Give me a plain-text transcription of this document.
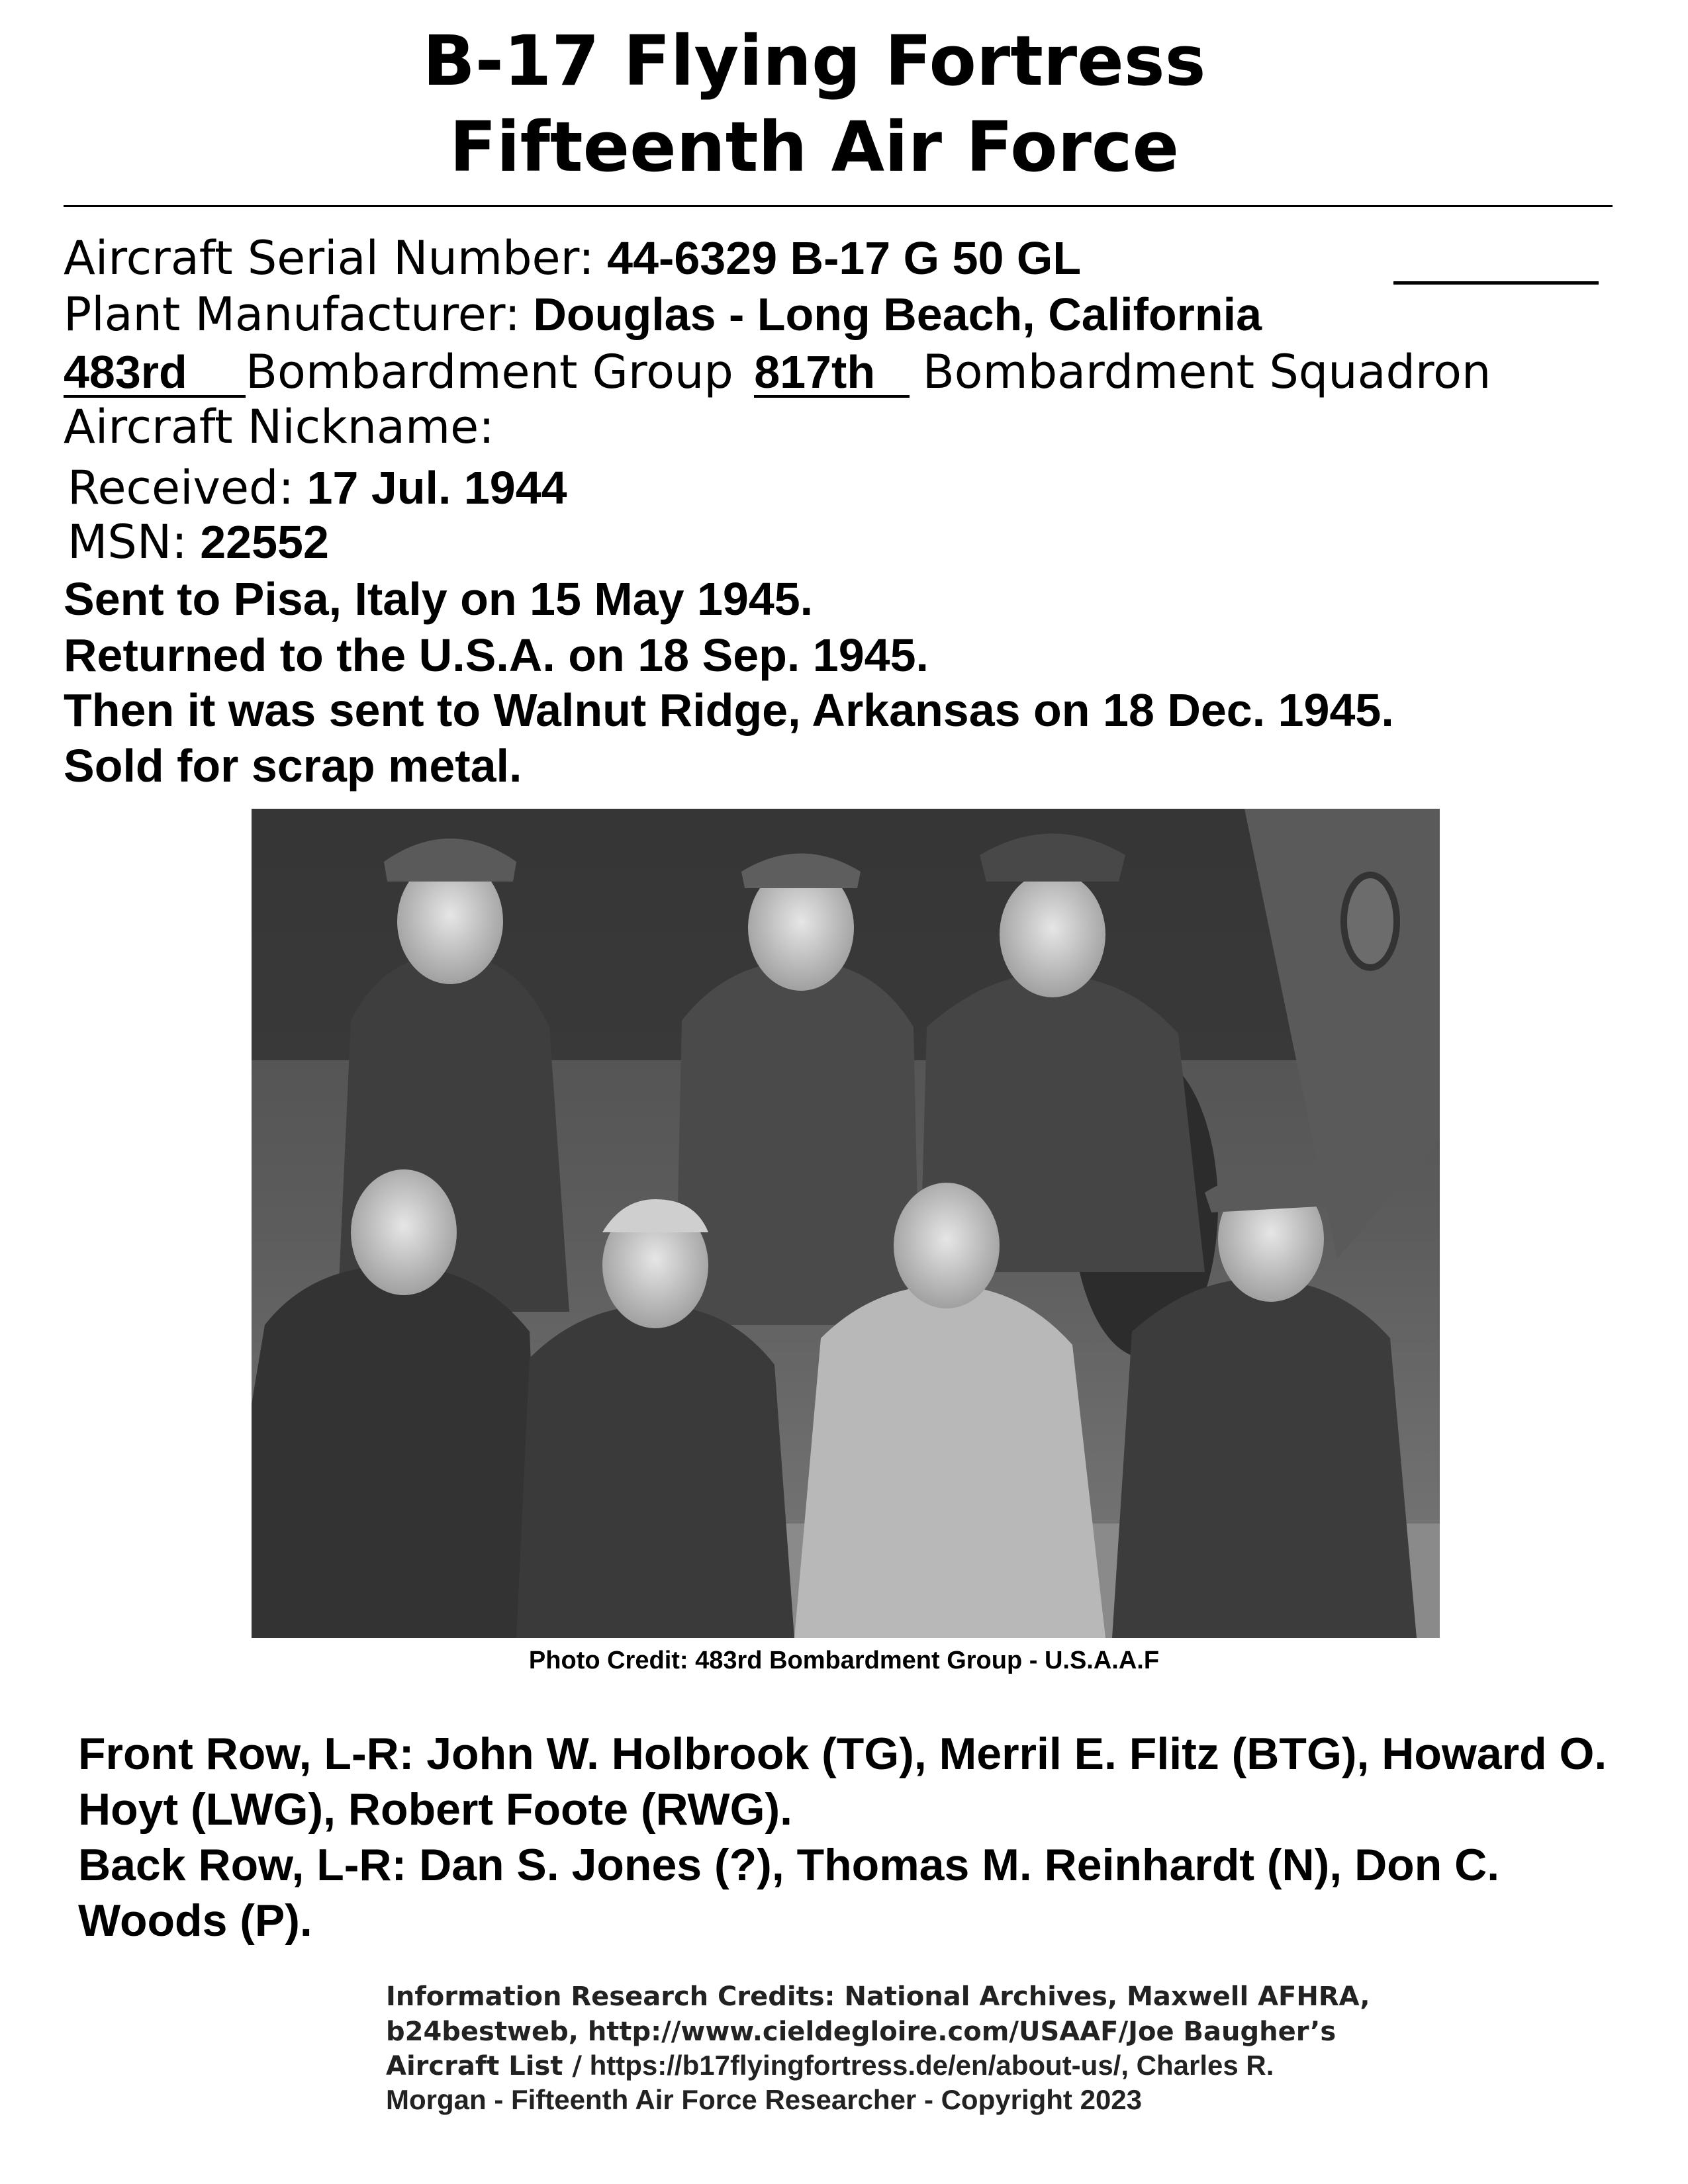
B-17 Flying Fortress
Fifteenth Air Force
Aircraft Serial Number: 44-6329 B-17 G 50 GL
Plant Manufacturer: Douglas - Long Beach, California
483rd Bombardment Group 817th Bombardment Squadron
Aircraft Nickname:
Received: 17 Jul. 1944
MSN: 22552
Sent to Pisa, Italy on 15 May 1945.
Returned to the U.S.A. on 18 Sep. 1945.
Then it was sent to Walnut Ridge, Arkansas on 18 Dec. 1945.
Sold for scrap metal.
Photo Credit: 483rd Bombardment Group - U.S.A.A.F
Front Row, L-R: John W. Holbrook (TG), Merril E. Flitz (BTG), Howard O. Hoyt (LWG), Robert Foote (RWG).
Back Row, L-R: Dan S. Jones (?), Thomas M. Reinhardt (N), Don C. Woods (P).
Information Research Credits: National Archives, Maxwell AFHRA,
b24bestweb, http://www.cieldegloire.com/USAAF/Joe Baugher’s
Aircraft List / https://b17flyingfortress.de/en/about-us/, Charles R.
Morgan - Fifteenth Air Force Researcher - Copyright 2023
